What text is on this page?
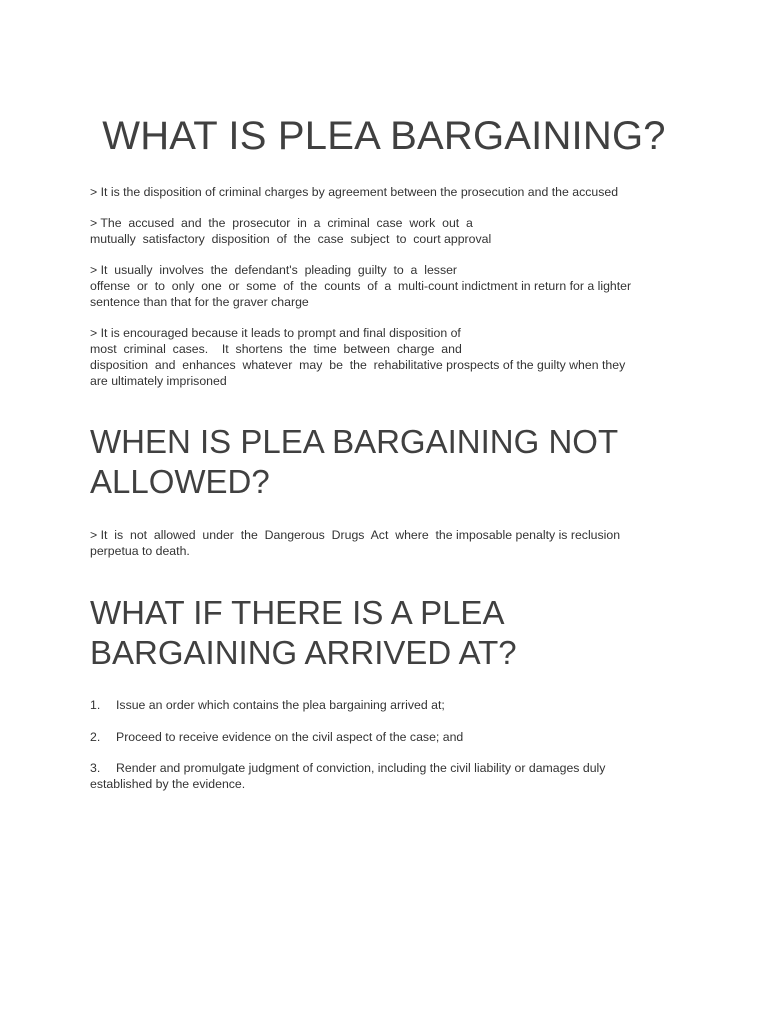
WHAT IS PLEA BARGAINING?

> It is the disposition of criminal charges by agreement between the prosecution and the accused

> The  accused  and  the  prosecutor  in  a  criminal  case  work  out  a
mutually  satisfactory  disposition  of  the  case  subject  to  court approval

> It  usually  involves  the  defendant's  pleading  guilty  to  a  lesser
offense  or  to  only  one  or  some  of  the  counts  of  a  multi-count indictment in return for a lighter
sentence than that for the graver charge

> It is encouraged because it leads to prompt and final disposition of
most  criminal  cases.    It  shortens  the  time  between  charge  and
disposition  and  enhances  whatever  may  be  the  rehabilitative prospects of the guilty when they
are ultimately imprisoned

WHEN IS PLEA BARGAINING NOT
ALLOWED?

> It  is  not  allowed  under  the  Dangerous  Drugs  Act  where  the imposable penalty is reclusion
perpetua to death.

WHAT IF THERE IS A PLEA
BARGAINING ARRIVED AT?

1. Issue an order which contains the plea bargaining arrived at;

2. Proceed to receive evidence on the civil aspect of the case; and

3. Render and promulgate judgment of conviction, including the civil liability or damages duly
established by the evidence.
